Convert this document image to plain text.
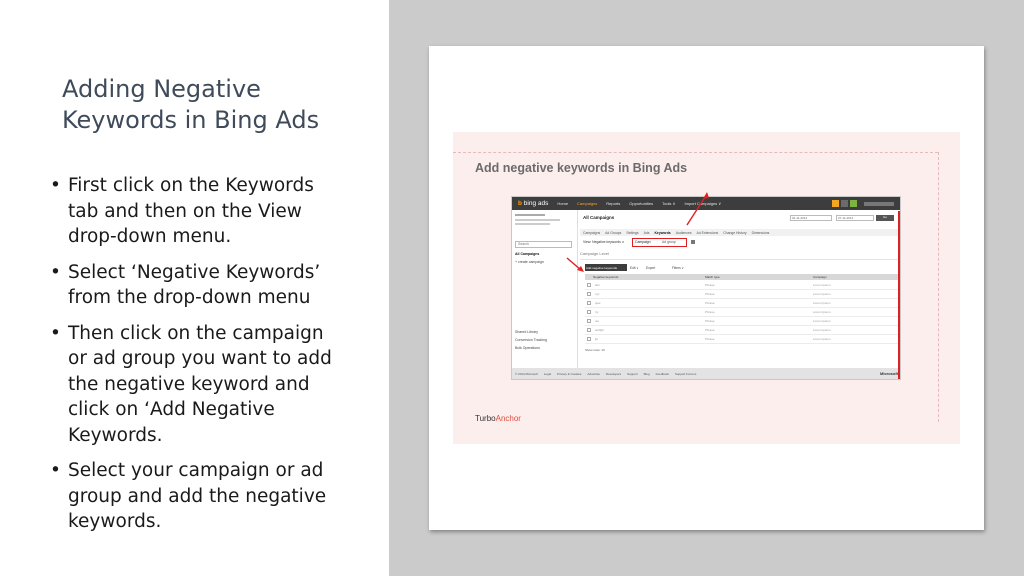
Adding Negative
Keywords in Bing Ads
• First click on the Keywords tab and then on the View drop-down menu.
• Select ‘Negative Keywords’ from the drop-down menu
• Then click on the campaign or ad group you want to add the negative keyword and click on ‘Add Negative Keywords.
• Select your campaign or ad group and add the negative keywords.
Add negative keywords in Bing Ads
b bing ads Home Campaigns Reports Opportunities Tools ∨ Import Campaigns ∨
Search
All Campaigns
+ create campaign
Shared Library
Conversion Tracking
Bulk Operations
All Campaigns	01-11-2014	27-11-2014	Go
Campaigns Ad Groups Settings Ads Keywords Audiences Ad Extensions Change History Dimensions
View: Negative keywords ∨	Campaign	Ad group
Campaign Level
Add negative keywords	Edit ∨ Export	Filters ∨
Negative keywords	Match type	Campaign
abc	Phrase	Lorem Ipsum
xyz	Phrase	Lorem Ipsum
qwe	Phrase	Lorem Ipsum
rty	Phrase	Lorem Ipsum
uio	Phrase	Lorem Ipsum
asdfgh	Phrase	Lorem Ipsum
jkl	Phrase	Lorem Ipsum
Show rows: 10
© 2014 Microsoft Legal Privacy & Cookies Advertise Developers Support Blog Feedback Support Forums	Microsoft
TurboAnchor
